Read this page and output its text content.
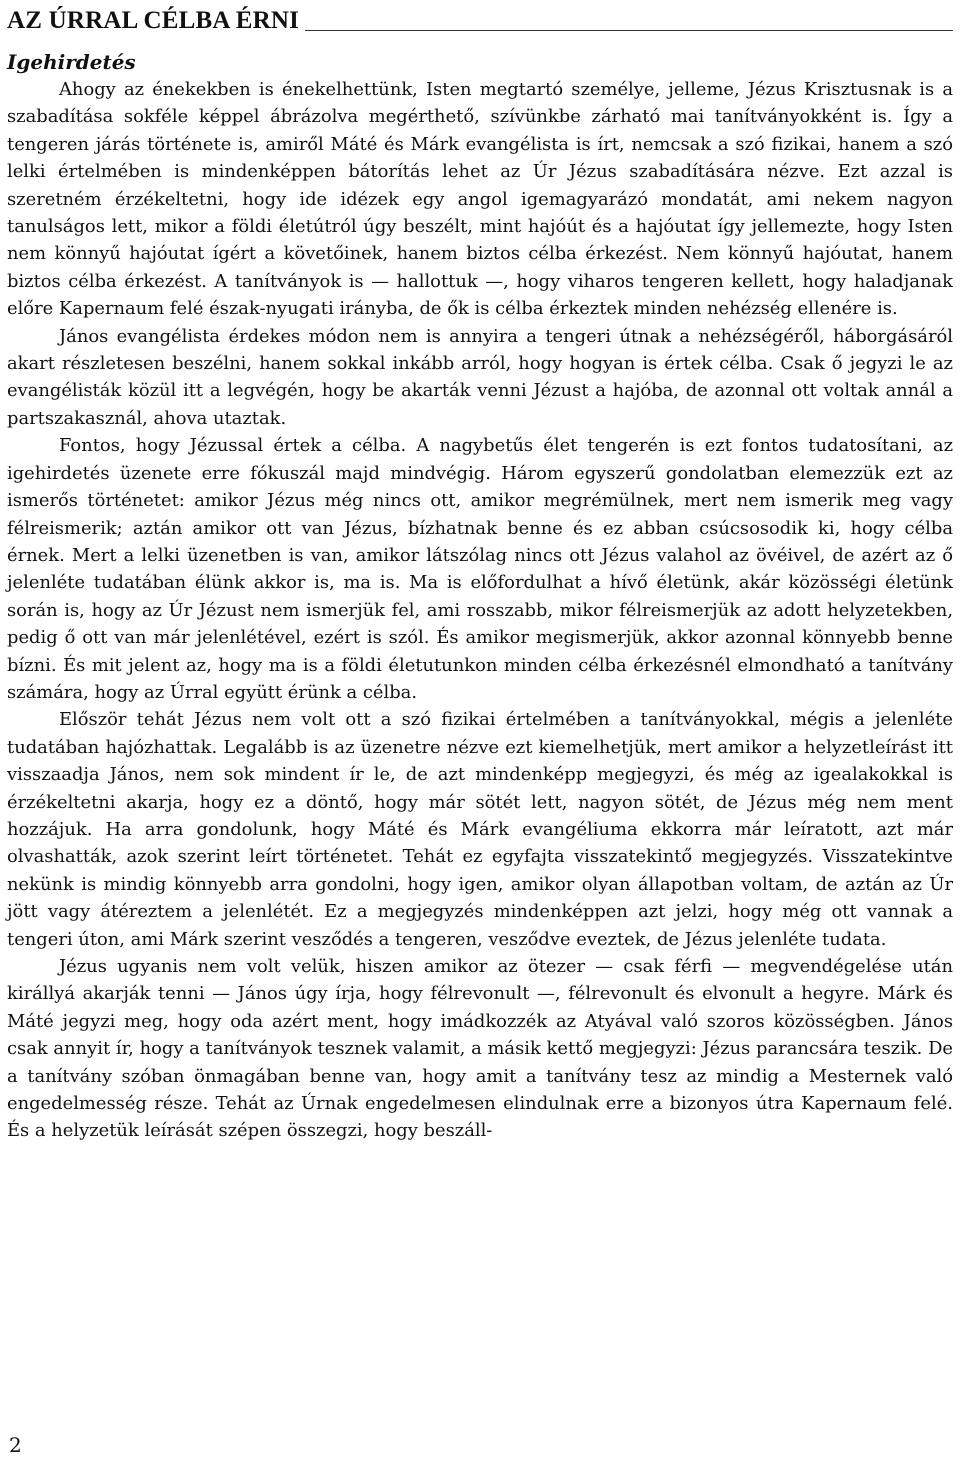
AZ ÚRRAL CÉLBA ÉRNI
Igehirdetés

Ahogy az énekekben is énekelhettünk, Isten megtartó személye, jelleme, Jézus Krisztusnak is a szabadítása sokféle képpel ábrázolva megérthető, szívünkbe zárható mai tanítványokként is. Így a tengeren járás története is, amiről Máté és Márk evangélista is írt, nemcsak a szó fizikai, hanem a szó lelki értelmében is mindenképpen bátorítás lehet az Úr Jézus szabadítására nézve. Ezt azzal is szeretném érzékeltetni, hogy ide idézek egy angol igemagyarázó mondatát, ami nekem nagyon tanulságos lett, mikor a földi életútról úgy beszélt, mint hajóút és a hajóutat így jellemezte, hogy Isten nem könnyű hajóutat ígért a követőinek, hanem biztos célba érkezést. Nem könnyű hajóutat, hanem biztos célba érkezést. A tanítványok is — hallottuk —, hogy viharos tengeren kellett, hogy haladjanak előre Kapernaum felé észak-nyugati irányba, de ők is célba érkeztek minden nehézség ellenére is.

János evangélista érdekes módon nem is annyira a tengeri útnak a nehézségéről, háborgásáról akart részletesen beszélni, hanem sokkal inkább arról, hogy hogyan is értek célba. Csak ő jegyzi le az evangélisták közül itt a legvégén, hogy be akarták venni Jézust a hajóba, de azonnal ott voltak annál a partszakasznál, ahova utaztak.

Fontos, hogy Jézussal értek a célba. A nagybetűs élet tengerén is ezt fontos tudatosítani, az igehirdetés üzenete erre fókuszál majd mindvégig. Három egyszerű gondolatban elemezzük ezt az ismerős történetet: amikor Jézus még nincs ott, amikor megrémülnek, mert nem ismerik meg vagy félreismerik; aztán amikor ott van Jézus, bízhatnak benne és ez abban csúcsosodik ki, hogy célba érnek. Mert a lelki üzenetben is van, amikor látszólag nincs ott Jézus valahol az övéivel, de azért az ő jelenléte tudatában élünk akkor is, ma is. Ma is előfordulhat a hívő életünk, akár közösségi életünk során is, hogy az Úr Jézust nem ismerjük fel, ami rosszabb, mikor félreismerjük az adott helyzetekben, pedig ő ott van már jelenlétével, ezért is szól. És amikor megismerjük, akkor azonnal könnyebb benne bízni. És mit jelent az, hogy ma is a földi életutunkon minden célba érkezésnél elmondható a tanítvány számára, hogy az Úrral együtt érünk a célba.

Először tehát Jézus nem volt ott a szó fizikai értelmében a tanítványokkal, mégis a jelenléte tudatában hajózhattak. Legalább is az üzenetre nézve ezt kiemelhetjük, mert amikor a helyzetleírást itt visszaadja János, nem sok mindent ír le, de azt mindenképp megjegyzi, és még az igealakokkal is érzékeltetni akarja, hogy ez a döntő, hogy már sötét lett, nagyon sötét, de Jézus még nem ment hozzájuk. Ha arra gondolunk, hogy Máté és Márk evangéliuma ekkorra már leíratott, azt már olvashatták, azok szerint leírt történetet. Tehát ez egyfajta visszatekintő megjegyzés. Visszatekintve nekünk is mindig könnyebb arra gondolni, hogy igen, amikor olyan állapotban voltam, de aztán az Úr jött vagy átéreztem a jelenlétét. Ez a megjegyzés mindenképpen azt jelzi, hogy még ott vannak a tengeri úton, ami Márk szerint vesződés a tengeren, vesződve eveztek, de Jézus jelenléte tudata.

Jézus ugyanis nem volt velük, hiszen amikor az ötezer — csak férfi — megvendégelése után királlyá akarják tenni — János úgy írja, hogy félrevonult —, félrevonult és elvonult a hegyre. Márk és Máté jegyzi meg, hogy oda azért ment, hogy imádkozzék az Atyával való szoros közösségben. János csak annyit ír, hogy a tanítványok tesznek valamit, a másik kettő megjegyzi: Jézus parancsára teszik. De a tanítvány szóban önmagában benne van, hogy amit a tanítvány tesz az mindig a Mesternek való engedelmesség része. Tehát az Úrnak engedelmesen elindulnak erre a bizonyos útra Kapernaum felé. És a helyzetük leírását szépen összegzi, hogy beszáll-

2
